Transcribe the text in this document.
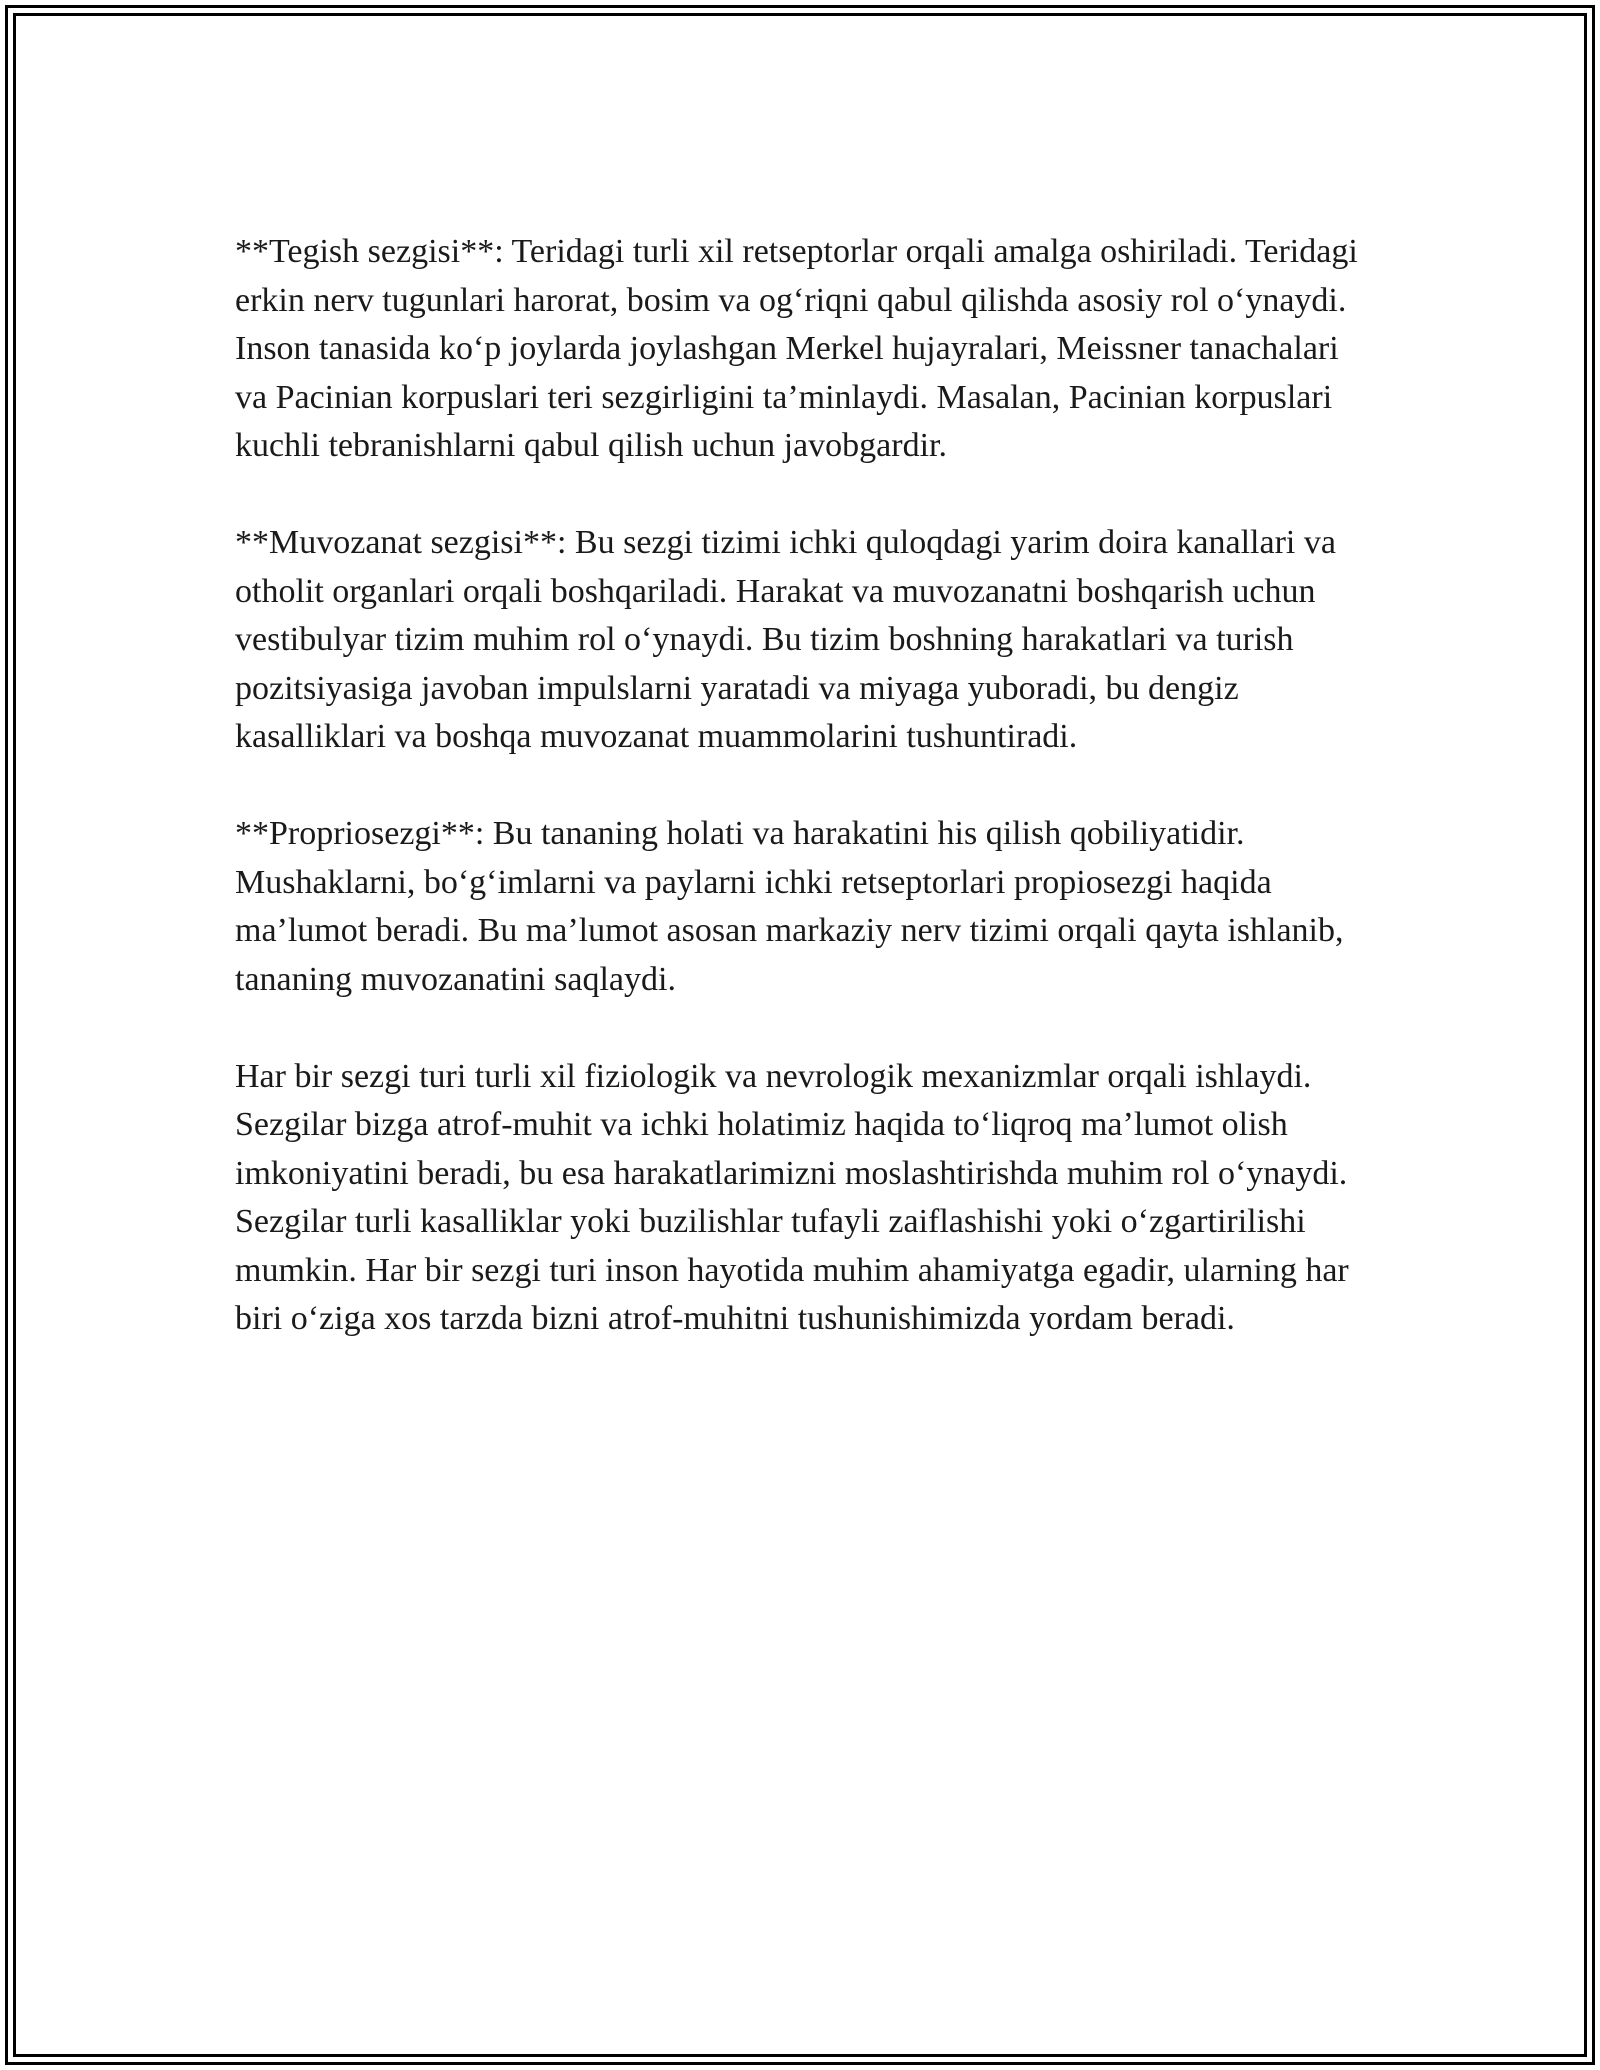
**Tegish sezgisi**: Teridagi turli xil retseptorlar orqali amalga oshiriladi. Teridagi erkin nerv tugunlari harorat, bosim va og‘riqni qabul qilishda asosiy rol o‘ynaydi. Inson tanasida ko‘p joylarda joylashgan Merkel hujayralari, Meissner tanachalari va Pacinian korpuslari teri sezgirligini ta’minlaydi. Masalan, Pacinian korpuslari kuchli tebranishlarni qabul qilish uchun javobgardir.

**Muvozanat sezgisi**: Bu sezgi tizimi ichki quloqdagi yarim doira kanallari va otholit organlari orqali boshqariladi. Harakat va muvozanatni boshqarish uchun vestibulyar tizim muhim rol o‘ynaydi. Bu tizim boshning harakatlari va turish pozitsiyasiga javoban impulslarni yaratadi va miyaga yuboradi, bu dengiz kasalliklari va boshqa muvozanat muammolarini tushuntiradi.

**Propriosezgi**: Bu tananing holati va harakatini his qilish qobiliyatidir. Mushaklarni, bo‘g‘imlarni va paylarni ichki retseptorlari propiosezgi haqida ma’lumot beradi. Bu ma’lumot asosan markaziy nerv tizimi orqali qayta ishlanib, tananing muvozanatini saqlaydi.

Har bir sezgi turi turli xil fiziologik va nevrologik mexanizmlar orqali ishlaydi. Sezgilar bizga atrof-muhit va ichki holatimiz haqida to‘liqroq ma’lumot olish imkoniyatini beradi, bu esa harakatlarimizni moslashtirishda muhim rol o‘ynaydi. Sezgilar turli kasalliklar yoki buzilishlar tufayli zaiflashishi yoki o‘zgartirilishi mumkin. Har bir sezgi turi inson hayotida muhim ahamiyatga egadir, ularning har biri o‘ziga xos tarzda bizni atrof-muhitni tushunishimizda yordam beradi.
